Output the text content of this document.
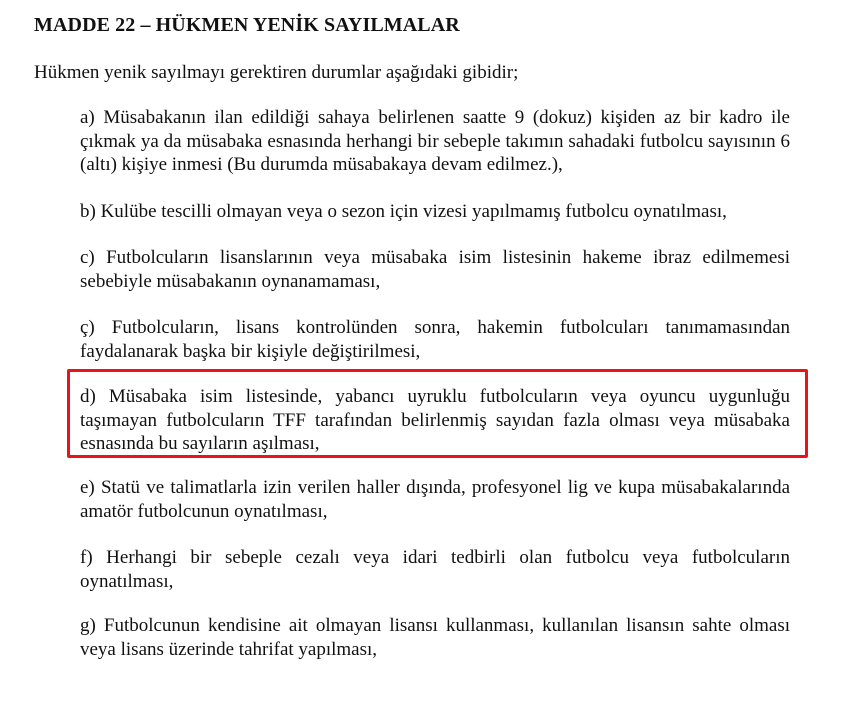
MADDE 22 – HÜKMEN YENİK SAYILMALAR
Hükmen yenik sayılmayı gerektiren durumlar aşağıdaki gibidir;
a) Müsabakanın ilan edildiği sahaya belirlenen saatte 9 (dokuz) kişiden az bir kadro ile çıkmak ya da müsabaka esnasında herhangi bir sebeple takımın sahadaki futbolcu sayısının 6 (altı) kişiye inmesi (Bu durumda müsabakaya devam edilmez.),
b) Kulübe tescilli olmayan veya o sezon için vizesi yapılmamış futbolcu oynatılması,
c) Futbolcuların lisanslarının veya müsabaka isim listesinin hakeme ibraz edilmemesi sebebiyle müsabakanın oynanamaması,
ç) Futbolcuların, lisans kontrolünden sonra, hakemin futbolcuları tanımamasından faydalanarak başka bir kişiyle değiştirilmesi,
d) Müsabaka isim listesinde, yabancı uyruklu futbolcuların veya oyuncu uygunluğu taşımayan futbolcuların TFF tarafından belirlenmiş sayıdan fazla olması veya müsabaka esnasında bu sayıların aşılması,
e) Statü ve talimatlarla izin verilen haller dışında, profesyonel lig ve kupa müsabakalarında amatör futbolcunun oynatılması,
f) Herhangi bir sebeple cezalı veya idari tedbirli olan futbolcu veya futbolcuların oynatılması,
g) Futbolcunun kendisine ait olmayan lisansı kullanması, kullanılan lisansın sahte olması veya lisans üzerinde tahrifat yapılması,
